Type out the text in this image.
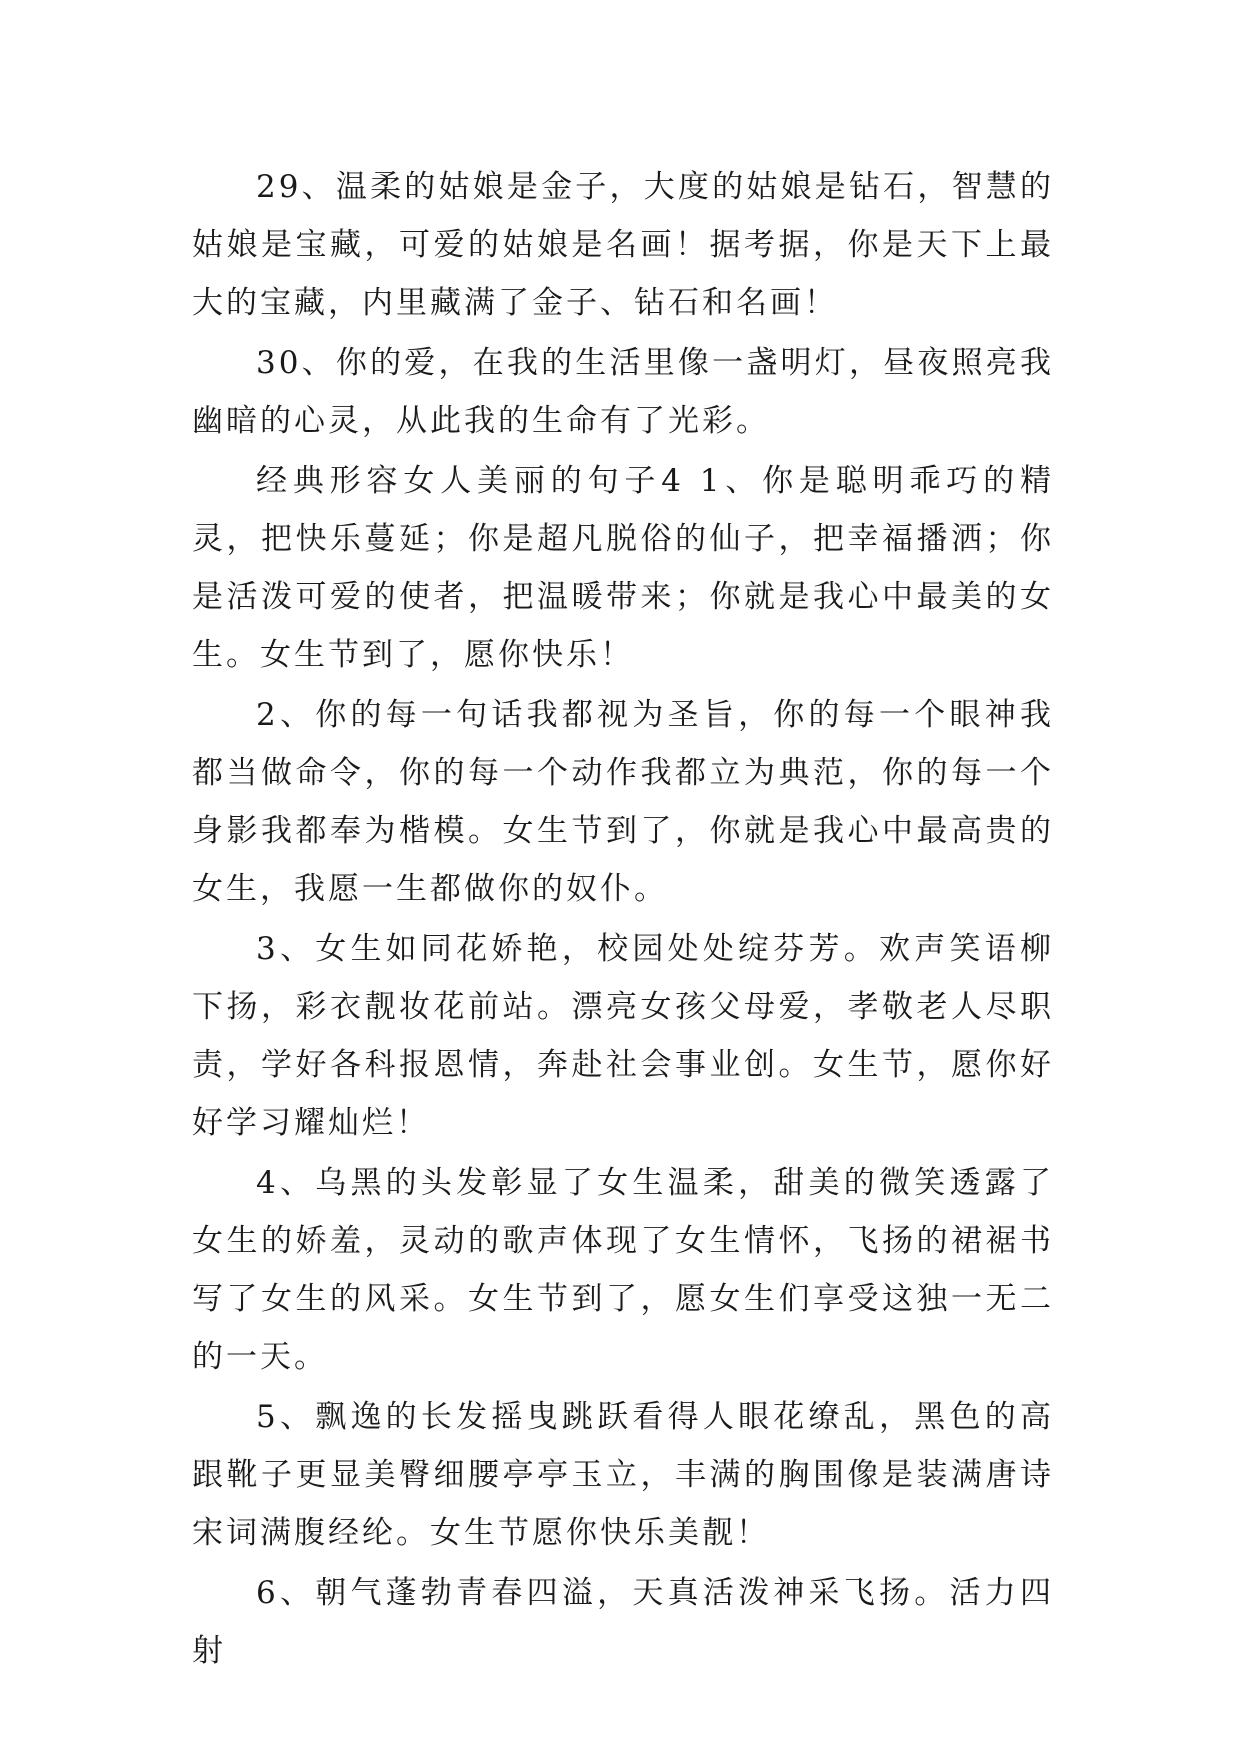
29、温柔的姑娘是金子，大度的姑娘是钻石，智慧的姑娘是宝藏，可爱的姑娘是名画！据考据，你是天下上最大的宝藏，内里藏满了金子、钻石和名画！

30、你的爱，在我的生活里像一盏明灯，昼夜照亮我幽暗的心灵，从此我的生命有了光彩。

经典形容女人美丽的句子4 1、你是聪明乖巧的精灵，把快乐蔓延；你是超凡脱俗的仙子，把幸福播洒；你是活泼可爱的使者，把温暖带来；你就是我心中最美的女生。女生节到了，愿你快乐！

2、你的每一句话我都视为圣旨，你的每一个眼神我都当做命令，你的每一个动作我都立为典范，你的每一个身影我都奉为楷模。女生节到了，你就是我心中最高贵的女生，我愿一生都做你的奴仆。

3、女生如同花娇艳，校园处处绽芬芳。欢声笑语柳下扬，彩衣靓妆花前站。漂亮女孩父母爱，孝敬老人尽职责，学好各科报恩情，奔赴社会事业创。女生节，愿你好好学习耀灿烂！

4、乌黑的头发彰显了女生温柔，甜美的微笑透露了女生的娇羞，灵动的歌声体现了女生情怀，飞扬的裙裾书写了女生的风采。女生节到了，愿女生们享受这独一无二的一天。

5、飘逸的长发摇曳跳跃看得人眼花缭乱，黑色的高跟靴子更显美臀细腰亭亭玉立，丰满的胸围像是装满唐诗宋词满腹经纶。女生节愿你快乐美靓！

6、朝气蓬勃青春四溢，天真活泼神采飞扬。活力四射
